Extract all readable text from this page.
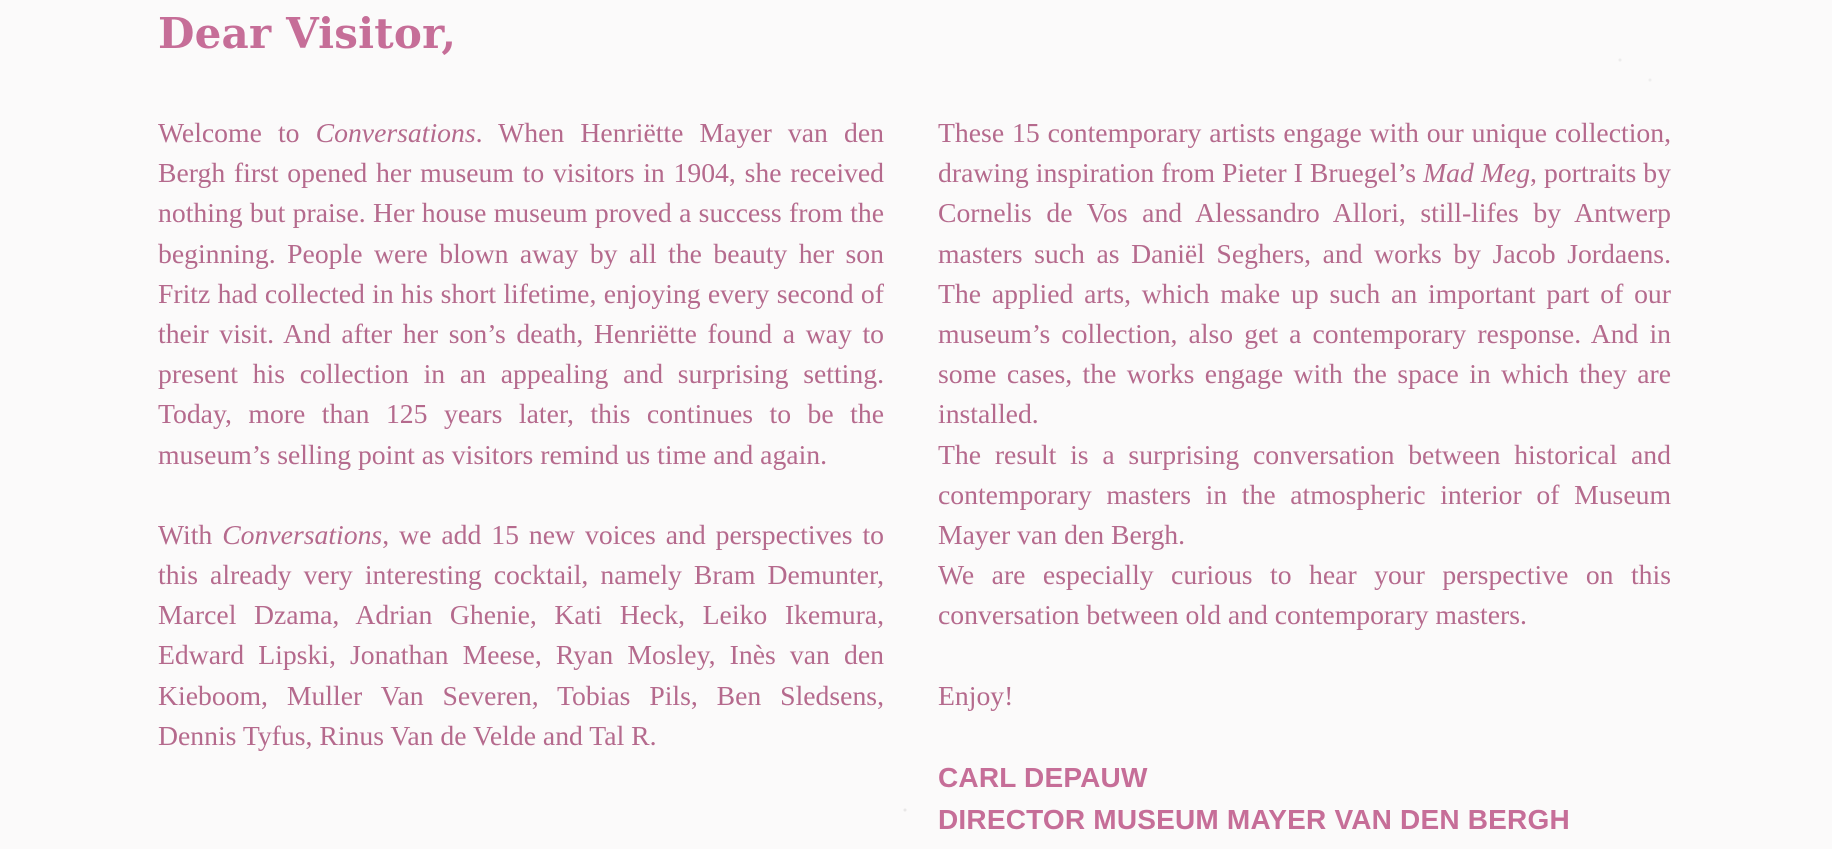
Dear Visitor,

Welcome to Conversations. When Henriëtte Mayer van den Bergh first opened her museum to visitors in 1904, she received nothing but praise. Her house museum proved a success from the beginning. People were blown away by all the beauty her son Fritz had collected in his short lifetime, enjoying every second of their visit. And after her son’s death, Henriëtte found a way to present his collection in an appealing and surprising setting. Today, more than 125 years later, this continues to be the museum’s selling point as visitors remind us time and again.

With Conversations, we add 15 new voices and perspectives to this already very interesting cocktail, namely Bram Demunter, Marcel Dzama, Adrian Ghenie, Kati Heck, Leiko Ikemura, Edward Lipski, Jonathan Meese, Ryan Mosley, Inès van den Kieboom, Muller Van Severen, Tobias Pils, Ben Sledsens, Dennis Tyfus, Rinus Van de Velde and Tal R.

These 15 contemporary artists engage with our unique collection, drawing inspiration from Pieter I Bruegel’s Mad Meg, portraits by Cornelis de Vos and Alessandro Allori, still-lifes by Antwerp masters such as Daniël Seghers, and works by Jacob Jordaens. The applied arts, which make up such an important part of our museum’s collection, also get a contemporary response. And in some cases, the works engage with the space in which they are installed.

The result is a surprising conversation between historical and contemporary masters in the atmospheric interior of Museum Mayer van den Bergh.

We are especially curious to hear your perspective on this conversation between old and contemporary masters.

Enjoy!

CARL DEPAUW
DIRECTOR MUSEUM MAYER VAN DEN BERGH
